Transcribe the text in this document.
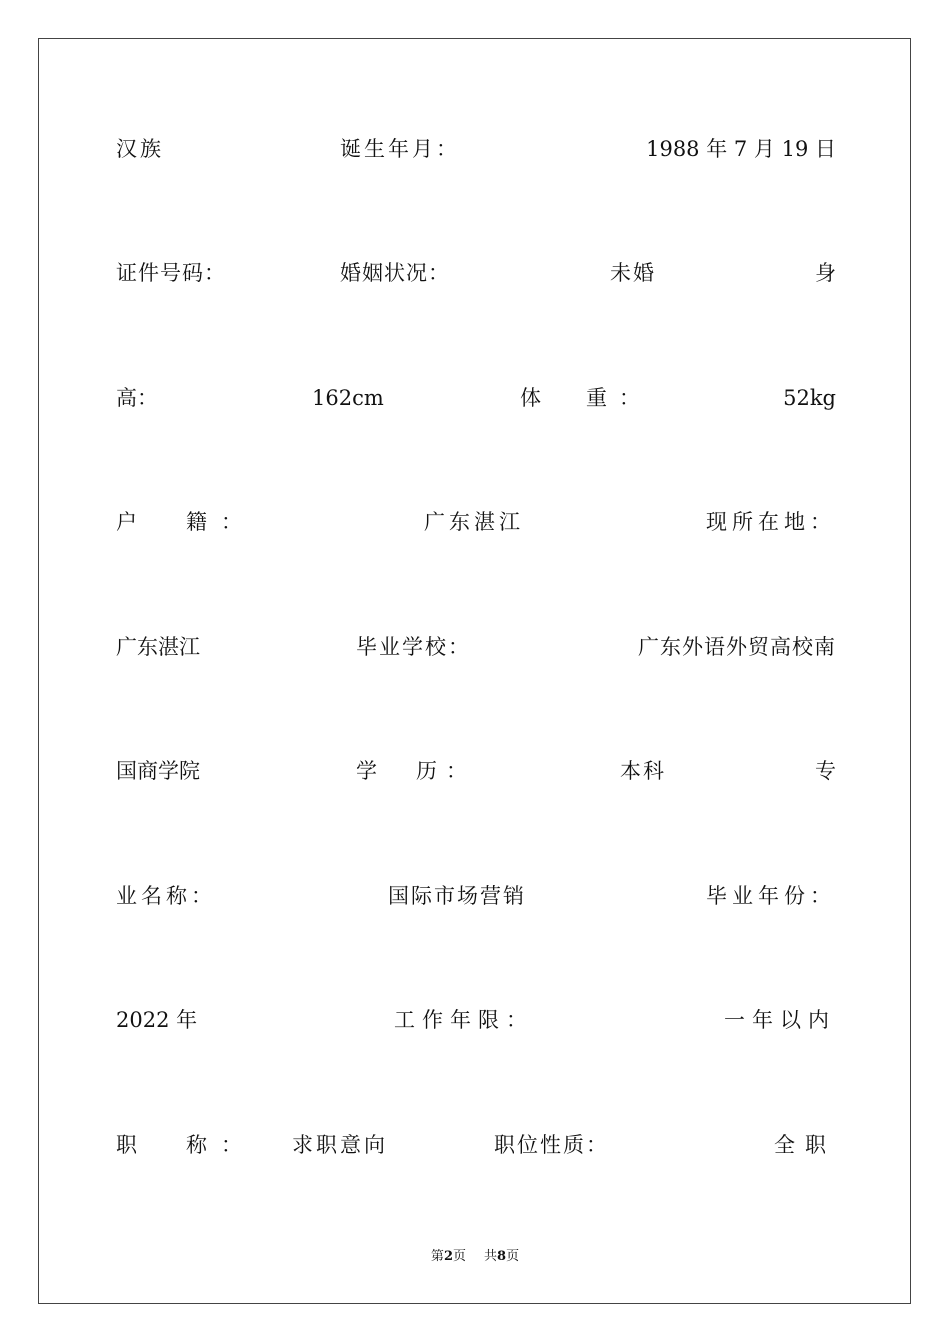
汉族	诞生年月：	1988 年 7 月 19 日
证件号码：	婚姻状况：	未婚	身
高：	162cm	体　重：	52kg
户　籍：	广东湛江	现所在地：
广东湛江	毕业学校：	广东外语外贸高校南
国商学院	学　历：	本科	专
业名称：	国际市场营销	毕业年份：
2022 年	工作年限：	一年以内
职　称： 求职意向	职位性质：	全职
第2页 共8页
